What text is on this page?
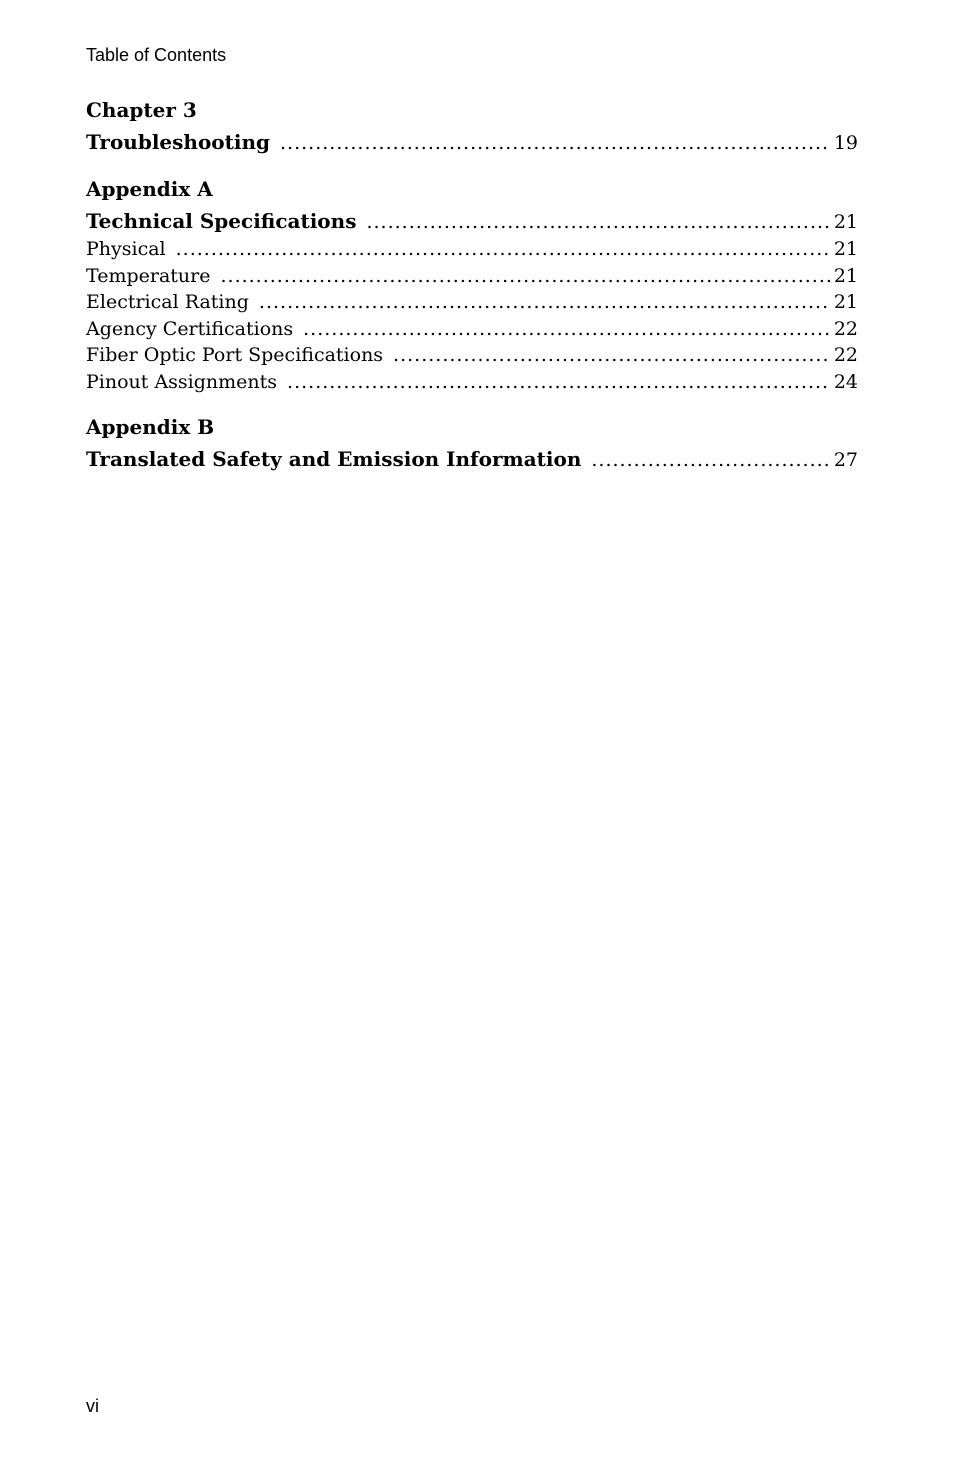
Table of Contents
Chapter 3
Troubleshooting .....	19
Appendix A
Technical Specifications .....	21
Physical .....	21
Temperature .....	21
Electrical Rating .....	21
Agency Certifications .....	22
Fiber Optic Port Specifications .....	22
Pinout Assignments .....	24
Appendix B
Translated Safety and Emission Information .....	27
vi
